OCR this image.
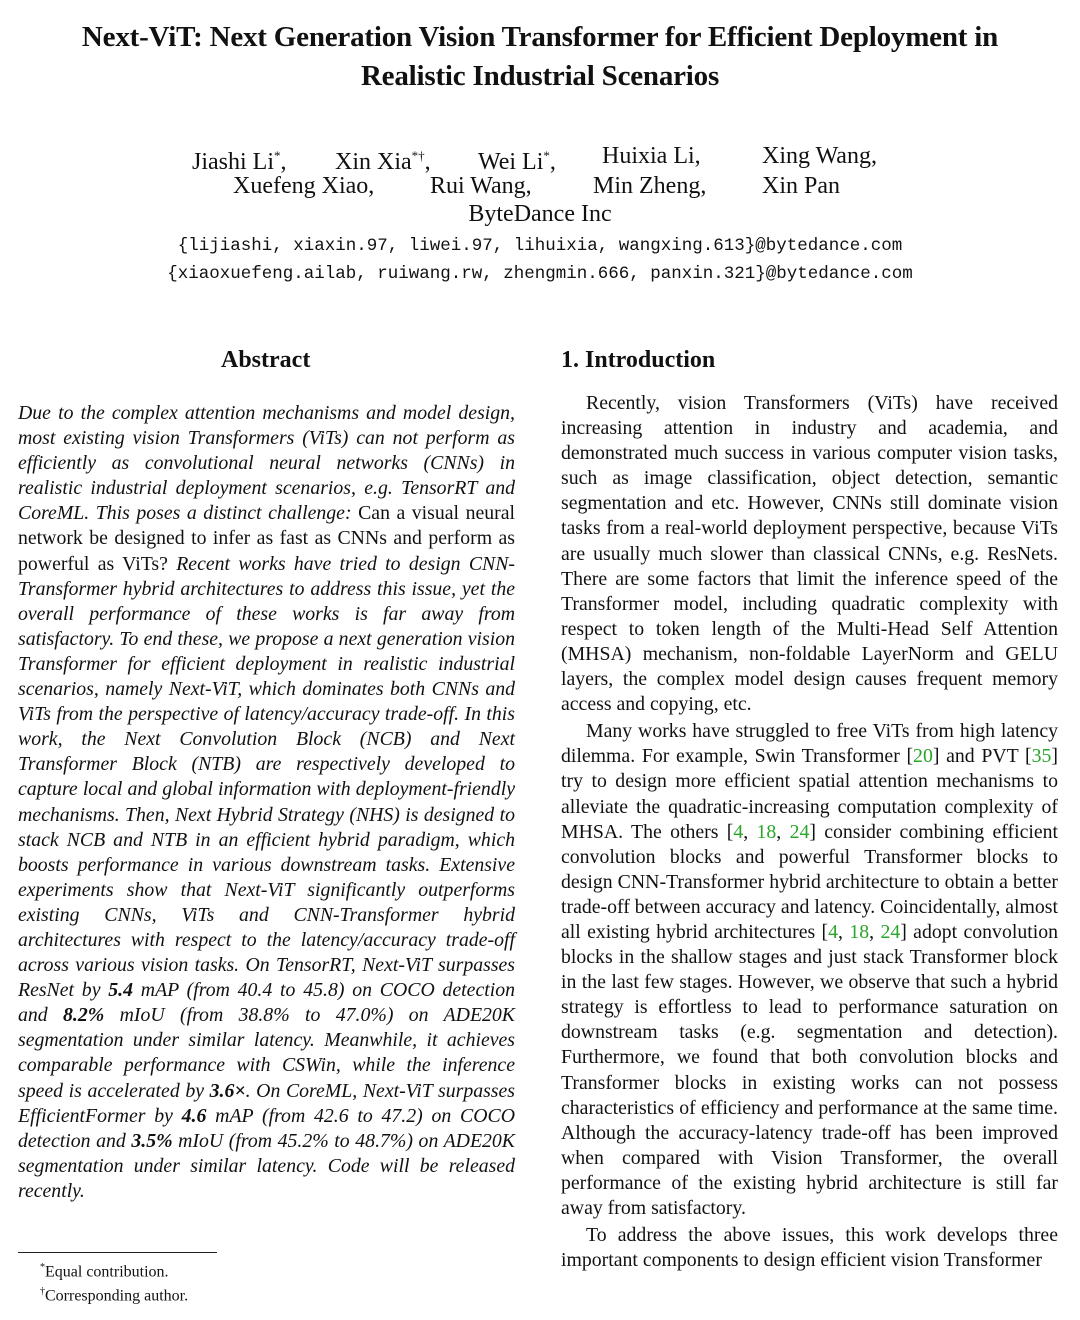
Next-ViT: Next Generation Vision Transformer for Efficient Deployment in Realistic Industrial Scenarios
Jiashi Li*, Xin Xia*†, Wei Li*, Huixia Li,	Xing Wang,
Xuefeng Xiao, Rui Wang,	Min Zheng, Xin Pan
ByteDance Inc
{lijiashi, xiaxin.97, liwei.97, lihuixia, wangxing.613}@bytedance.com
{xiaoxuefeng.ailab, ruiwang.rw, zhengmin.666, panxin.321}@bytedance.com
Abstract	1. Introduction
Due to the complex attention mechanisms and model design, most existing vision Transformers (ViTs) can not perform as efficiently as convolutional neural networks (CNNs) in realistic industrial deployment scenarios, e.g. TensorRT and CoreML. This poses a distinct challenge: Can a visual neural network be designed to infer as fast as CNNs and perform as powerful as ViTs? Recent works have tried to design CNN-Transformer hybrid architectures to address this issue, yet the overall performance of these works is far away from satisfactory. To end these, we propose a next generation vision Transformer for efficient deployment in realistic industrial scenarios, namely Next-ViT, which dominates both CNNs and ViTs from the perspective of latency/accuracy trade-off. In this work, the Next Convolution Block (NCB) and Next Transformer Block (NTB) are respectively developed to capture local and global information with deployment-friendly mechanisms. Then, Next Hybrid Strategy (NHS) is designed to stack NCB and NTB in an efficient hybrid paradigm, which boosts performance in various downstream tasks. Extensive experiments show that Next-ViT significantly outperforms existing CNNs, ViTs and CNN-Transformer hybrid architectures with respect to the latency/accuracy trade-off across various vision tasks. On TensorRT, Next-ViT surpasses ResNet by 5.4 mAP (from 40.4 to 45.8) on COCO detection and 8.2% mIoU (from 38.8% to 47.0%) on ADE20K segmentation under similar latency. Meanwhile, it achieves comparable performance with CSWin, while the inference speed is accelerated by 3.6×. On CoreML, Next-ViT surpasses EfficientFormer by 4.6 mAP (from 42.6 to 47.2) on COCO detection and 3.5% mIoU (from 45.2% to 48.7%) on ADE20K segmentation under similar latency. Code will be released recently.

Recently, vision Transformers (ViTs) have received increasing attention in industry and academia, and demonstrated much success in various computer vision tasks, such as image classification, object detection, semantic segmentation and etc. However, CNNs still dominate vision tasks from a real-world deployment perspective, because ViTs are usually much slower than classical CNNs, e.g. ResNets. There are some factors that limit the inference speed of the Transformer model, including quadratic complexity with respect to token length of the Multi-Head Self Attention (MHSA) mechanism, non-foldable LayerNorm and GELU layers, the complex model design causes frequent memory access and copying, etc.

Many works have struggled to free ViTs from high latency dilemma. For example, Swin Transformer [20] and PVT [35] try to design more efficient spatial attention mechanisms to alleviate the quadratic-increasing computation complexity of MHSA. The others [4, 18, 24] consider combining efficient convolution blocks and powerful Transformer blocks to design CNN-Transformer hybrid architecture to obtain a better trade-off between accuracy and latency. Coincidentally, almost all existing hybrid architectures [4, 18, 24] adopt convolution blocks in the shallow stages and just stack Transformer block in the last few stages. However, we observe that such a hybrid strategy is effortless to lead to performance saturation on downstream tasks (e.g. segmentation and detection). Furthermore, we found that both convolution blocks and Transformer blocks in existing works can not possess characteristics of efficiency and performance at the same time. Although the accuracy-latency trade-off has been improved when compared with Vision Transformer, the overall performance of the existing hybrid architecture is still far away from satisfactory.

To address the above issues, this work develops three important components to design efficient vision Transformer

*Equal contribution.
†Corresponding author.
